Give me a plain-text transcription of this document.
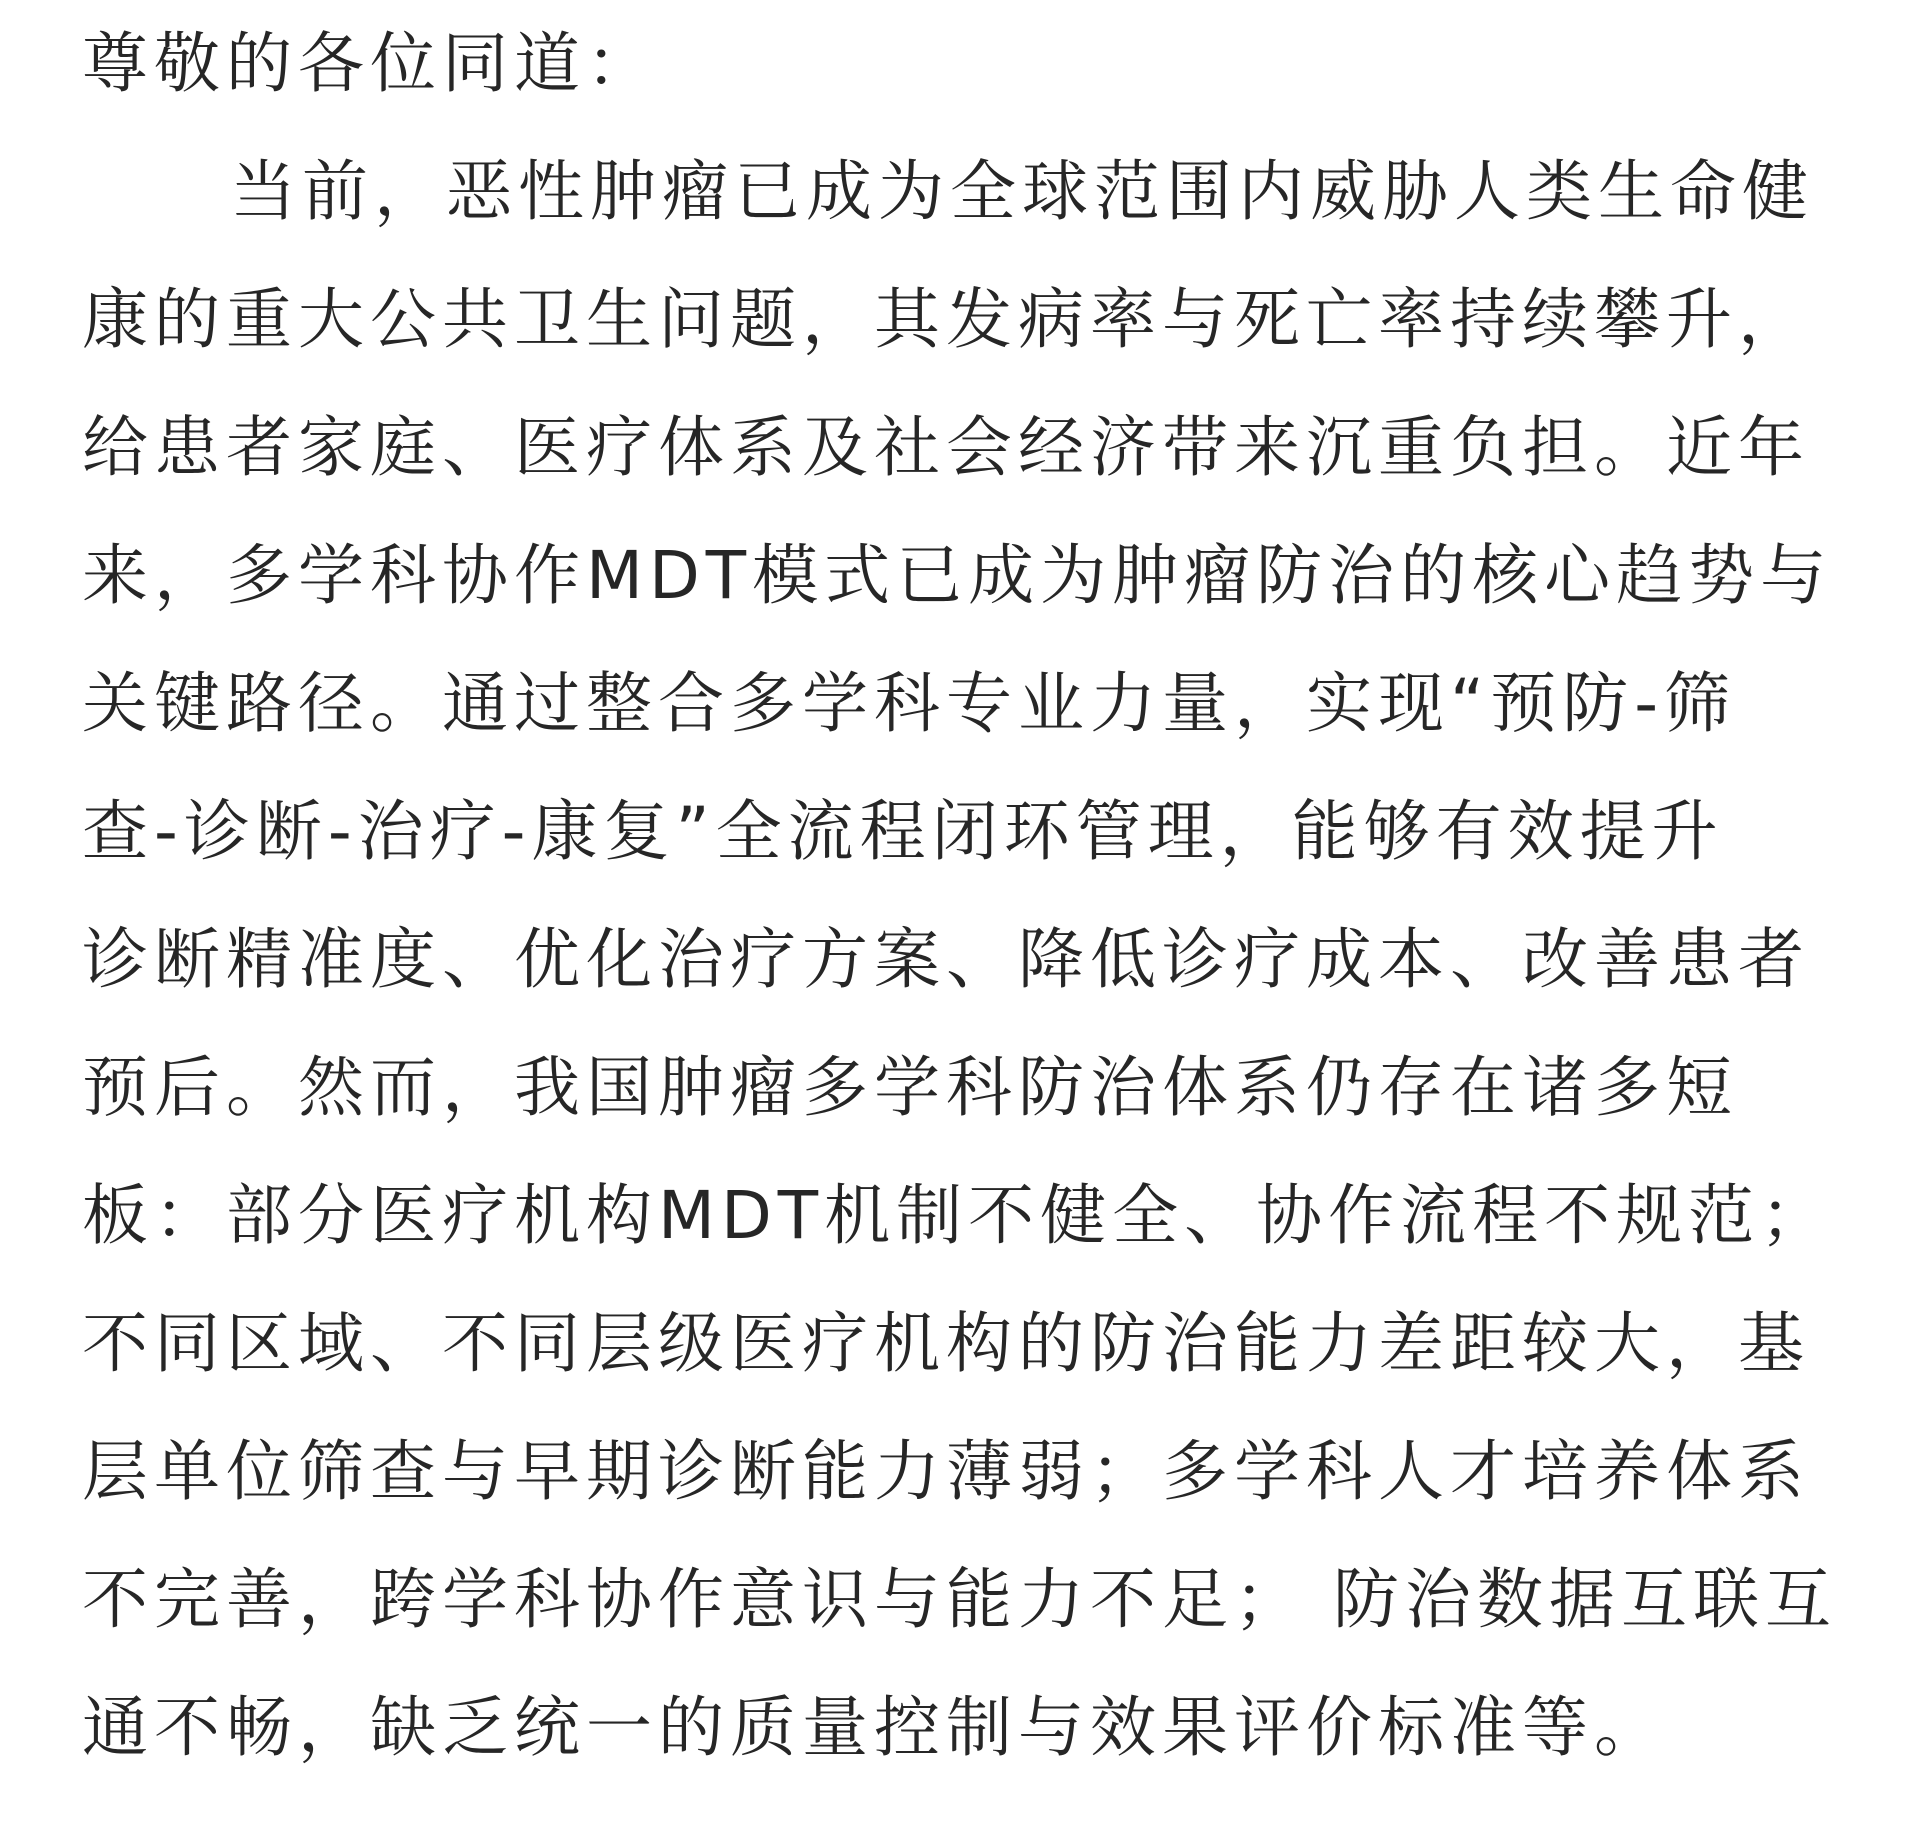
尊敬的各位同道：
当前，恶性肿瘤已成为全球范围内威胁人类生命健
康的重大公共卫生问题，其发病率与死亡率持续攀升，
给患者家庭、医疗体系及社会经济带来沉重负担。近年
来，多学科协作MDT模式已成为肿瘤防治的核心趋势与
关键路径。通过整合多学科专业力量，实现“预防-筛
查-诊断-治疗-康复”全流程闭环管理，能够有效提升
诊断精准度、优化治疗方案、降低诊疗成本、改善患者
预后。然而，我国肿瘤多学科防治体系仍存在诸多短
板：部分医疗机构MDT机制不健全、协作流程不规范；
不同区域、不同层级医疗机构的防治能力差距较大，基
层单位筛查与早期诊断能力薄弱；多学科人才培养体系
不完善，跨学科协作意识与能力不足； 防治数据互联互
通不畅，缺乏统一的质量控制与效果评价标准等。
